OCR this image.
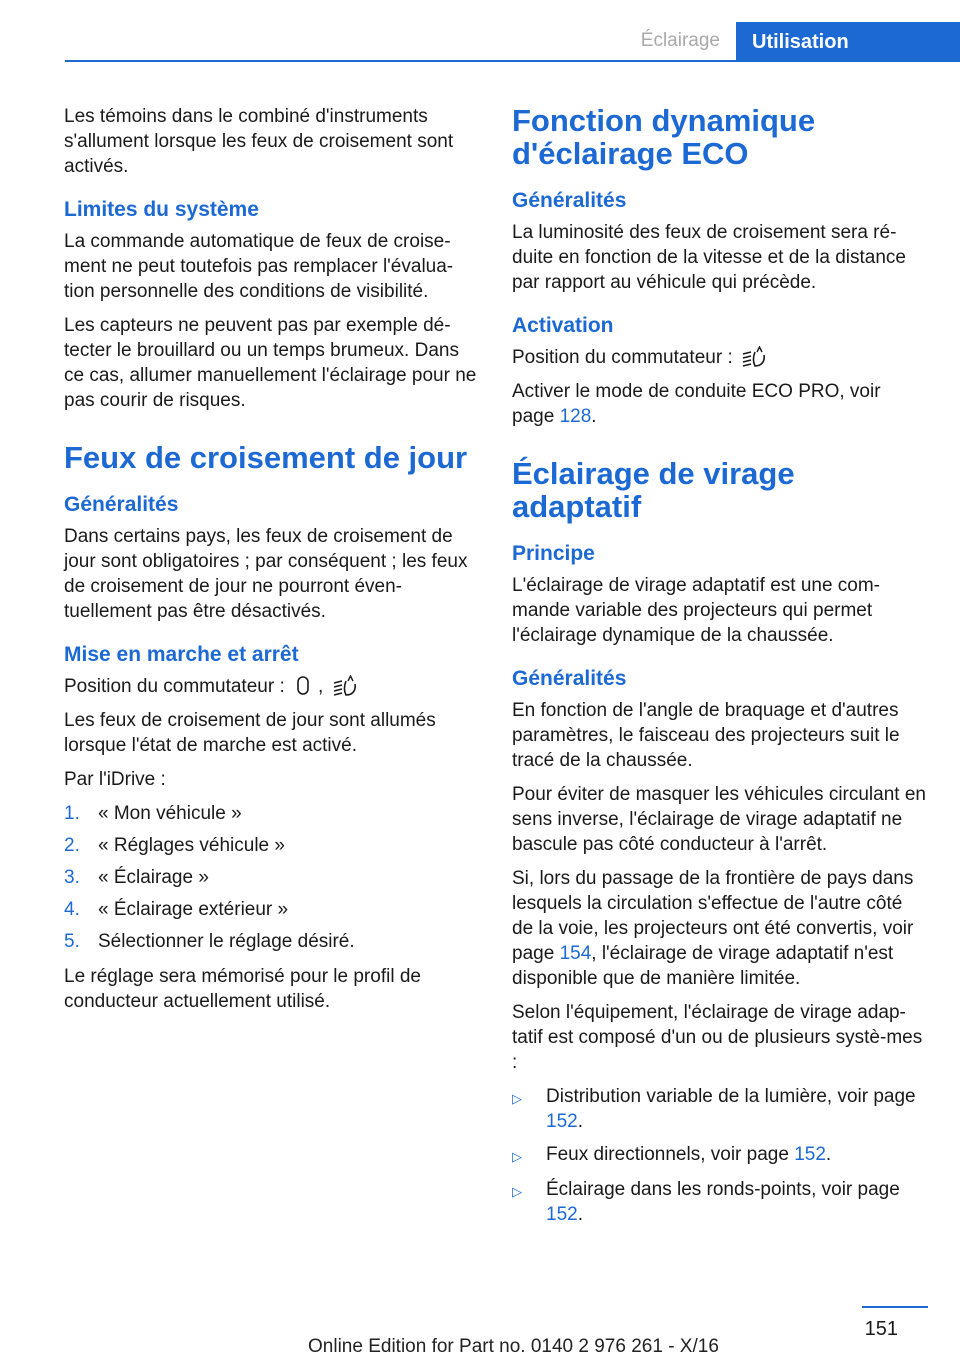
Éclairage	Utilisation

Les témoins dans le combiné d'instruments s'allument lorsque les feux de croisement sont activés.

Limites du système

La commande automatique de feux de croise-ment ne peut toutefois pas remplacer l'évalua-tion personnelle des conditions de visibilité.

Les capteurs ne peuvent pas par exemple dé-tecter le brouillard ou un temps brumeux. Dans ce cas, allumer manuellement l'éclairage pour ne pas courir de risques.

Feux de croisement de jour
Généralités

Dans certains pays, les feux de croisement de jour sont obligatoires ; par conséquent ; les feux de croisement de jour ne pourront éven-tuellement pas être désactivés.

Mise en marche et arrêt

Position du commutateur : ,

Les feux de croisement de jour sont allumés lorsque l'état de marche est activé.

Par l'iDrive :

1. « Mon véhicule »
2. « Réglages véhicule »
3. « Éclairage »
4. « Éclairage extérieur »
5. Sélectionner le réglage désiré.

Le réglage sera mémorisé pour le profil de conducteur actuellement utilisé.

Fonction dynamique d'éclairage ECO
Généralités

La luminosité des feux de croisement sera ré-duite en fonction de la vitesse et de la distance par rapport au véhicule qui précède.

Activation

Position du commutateur :

Activer le mode de conduite ECO PRO, voir page 128.

Éclairage de virage adaptatif
Principe

L'éclairage de virage adaptatif est une com-mande variable des projecteurs qui permet l'éclairage dynamique de la chaussée.

Généralités

En fonction de l'angle de braquage et d'autres paramètres, le faisceau des projecteurs suit le tracé de la chaussée.

Pour éviter de masquer les véhicules circulant en sens inverse, l'éclairage de virage adaptatif ne bascule pas côté conducteur à l'arrêt.

Si, lors du passage de la frontière de pays dans lesquels la circulation s'effectue de l'autre côté de la voie, les projecteurs ont été convertis, voir page 154, l'éclairage de virage adaptatif n'est disponible que de manière limitée.

Selon l'équipement, l'éclairage de virage adap-tatif est composé d'un ou de plusieurs systè-mes :

▷	Distribution variable de la lumière, voir page 152.
▷	Feux directionnels, voir page 152.
▷	Éclairage dans les ronds-points, voir page 152.
151
Online Edition for Part no. 0140 2 976 261 - X/16
